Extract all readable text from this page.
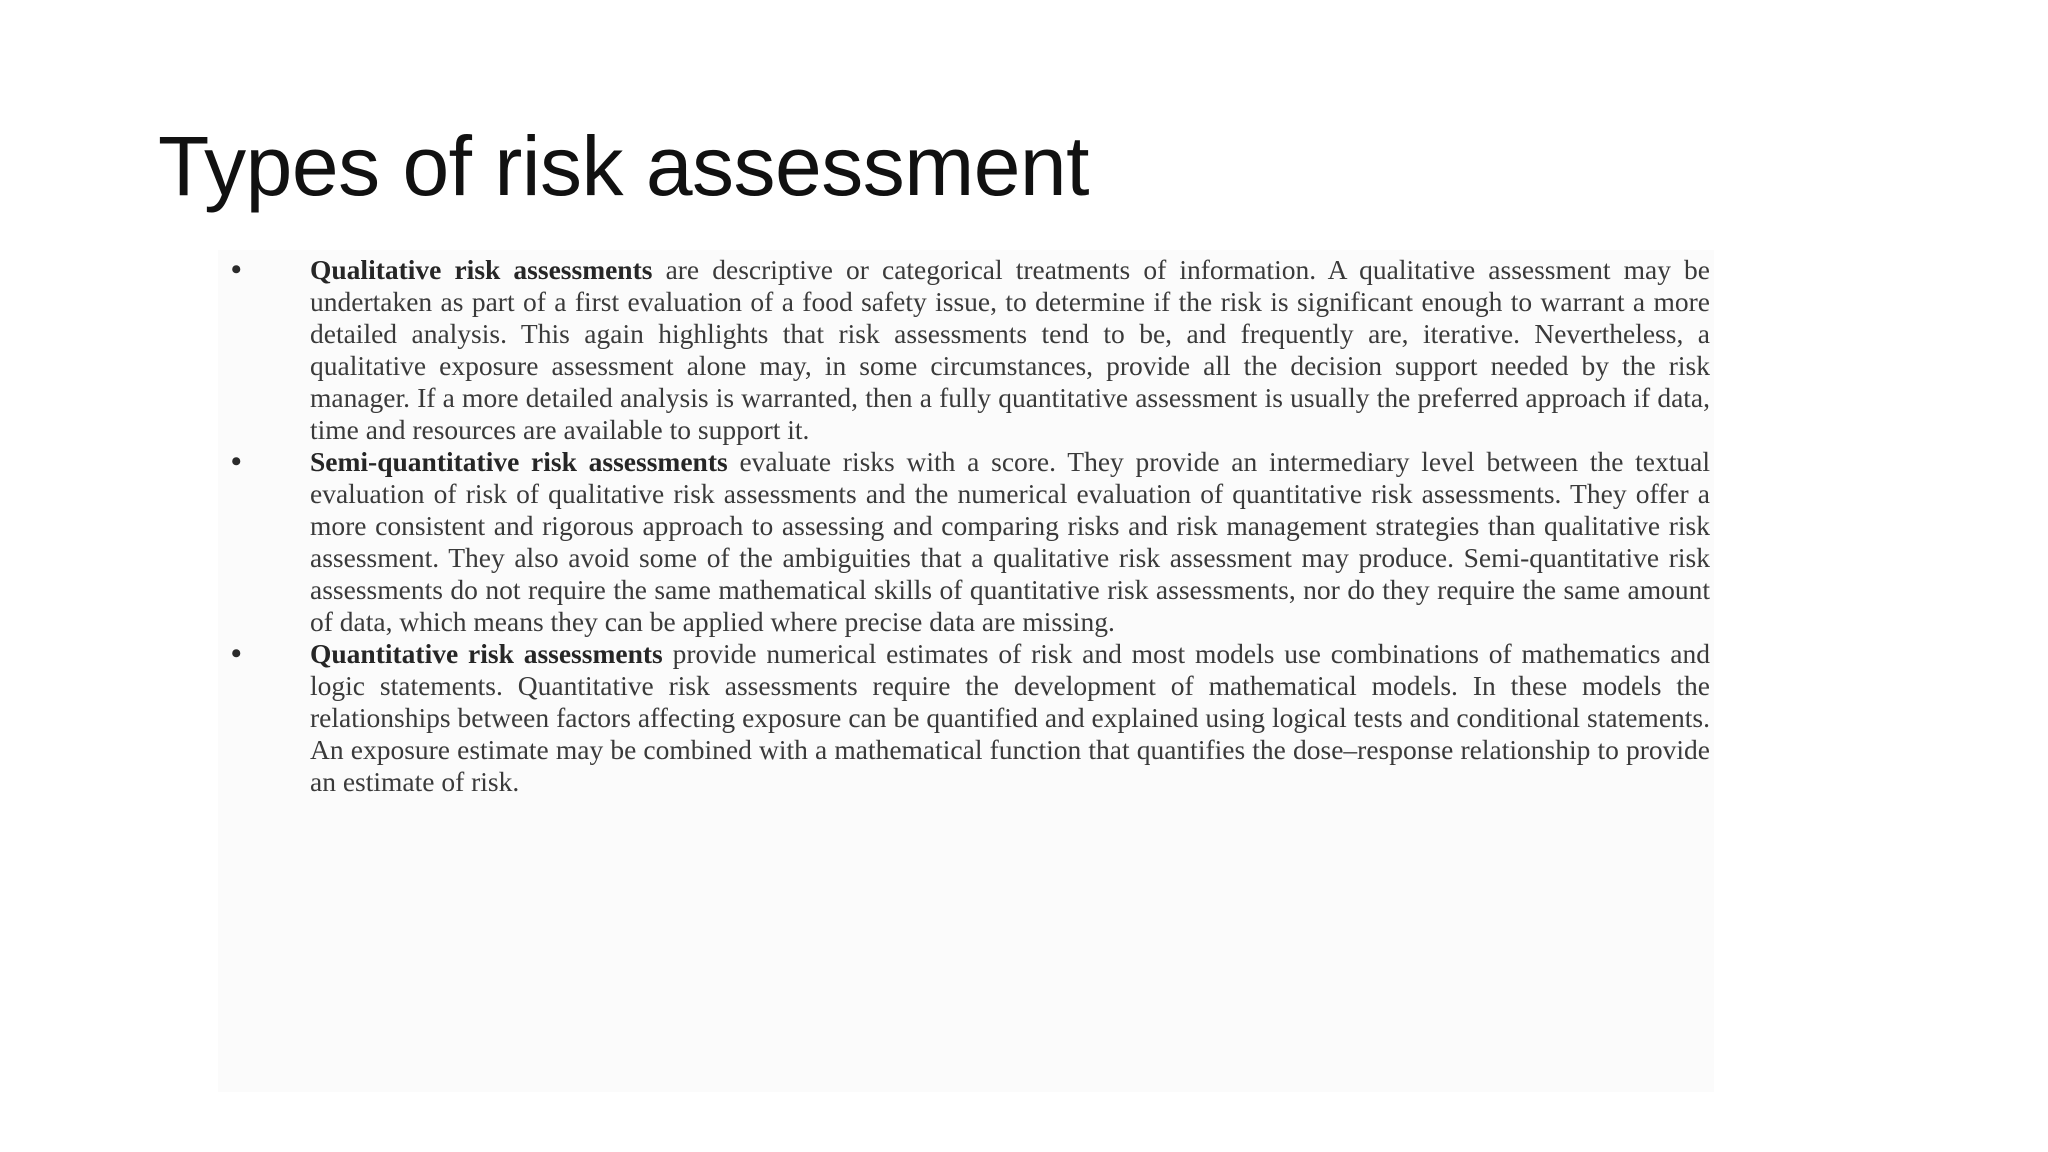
Types of risk assessment
• Qualitative risk assessments are descriptive or categorical treatments of information. A qualitative assessment may be undertaken as part of a first evaluation of a food safety issue, to determine if the risk is significant enough to warrant a more detailed analysis. This again highlights that risk assessments tend to be, and frequently are, iterative. Nevertheless, a qualitative exposure assessment alone may, in some circumstances, provide all the decision support needed by the risk manager. If a more detailed analysis is warranted, then a fully quantitative assessment is usually the preferred approach if data, time and resources are available to support it.

• Semi-quantitative risk assessments evaluate risks with a score. They provide an intermediary level between the textual evaluation of risk of qualitative risk assessments and the numerical evaluation of quantitative risk assessments. They offer a more consistent and rigorous approach to assessing and comparing risks and risk management strategies than qualitative risk assessment. They also avoid some of the ambiguities that a qualitative risk assessment may produce. Semi-quantitative risk assessments do not require the same mathematical skills of quantitative risk assessments, nor do they require the same amount of data, which means they can be applied where precise data are missing.

• Quantitative risk assessments provide numerical estimates of risk and most models use combinations of mathematics and logic statements. Quantitative risk assessments require the development of mathematical models. In these models the relationships between factors affecting exposure can be quantified and explained using logical tests and conditional statements. An exposure estimate may be combined with a mathematical function that quantifies the dose–response relationship to provide an estimate of risk.
